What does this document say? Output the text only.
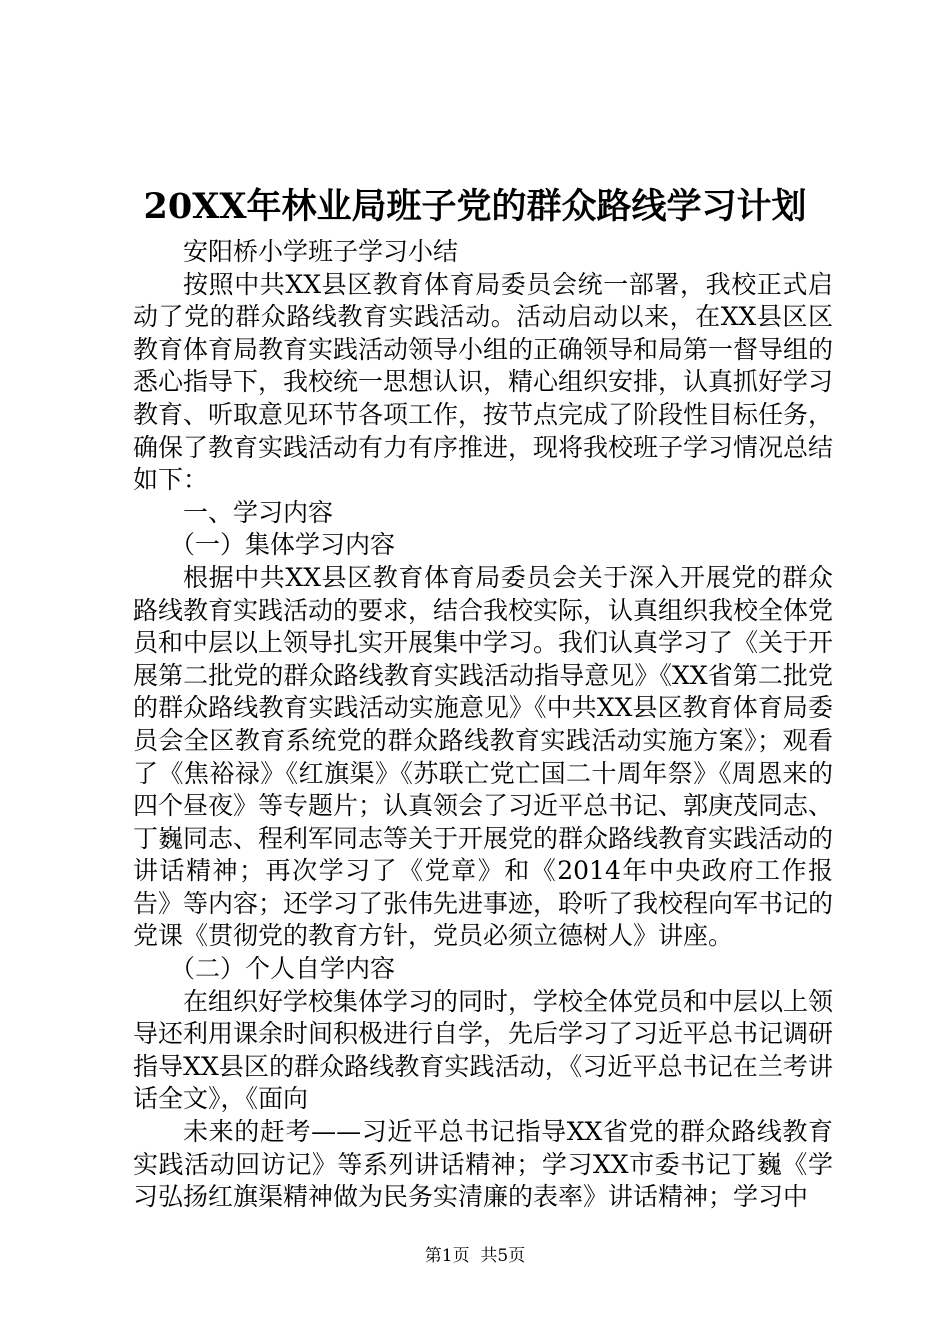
20XX年林业局班子党的群众路线学习计划

安阳桥小学班子学习小结

按照中共XX县区教育体育局委员会统一部署，我校正式启动了党的群众路线教育实践活动。活动启动以来，在XX县区区教育体育局教育实践活动领导小组的正确领导和局第一督导组的悉心指导下，我校统一思想认识，精心组织安排，认真抓好学习教育、听取意见环节各项工作，按节点完成了阶段性目标任务，确保了教育实践活动有力有序推进，现将我校班子学习情况总结如下：

一、学习内容

（一）集体学习内容

根据中共XX县区教育体育局委员会关于深入开展党的群众路线教育实践活动的要求，结合我校实际，认真组织我校全体党员和中层以上领导扎实开展集中学习。我们认真学习了《关于开展第二批党的群众路线教育实践活动指导意见》《XX省第二批党的群众路线教育实践活动实施意见》《中共XX县区教育体育局委员会全区教育系统党的群众路线教育实践活动实施方案》；观看了《焦裕禄》《红旗渠》《苏联亡党亡国二十周年祭》《周恩来的四个昼夜》等专题片；认真领会了习近平总书记、郭庚茂同志、丁巍同志、程利军同志等关于开展党的群众路线教育实践活动的讲话精神；再次学习了《党章》和《2014年中央政府工作报告》等内容；还学习了张伟先进事迹，聆听了我校程向军书记的党课《贯彻党的教育方针，党员必须立德树人》讲座。

（二）个人自学内容

在组织好学校集体学习的同时，学校全体党员和中层以上领导还利用课余时间积极进行自学，先后学习了习近平总书记调研指导XX县区的群众路线教育实践活动，《习近平总书记在兰考讲话全文》，《面向

未来的赶考——习近平总书记指导XX省党的群众路线教育实践活动回访记》等系列讲话精神；学习XX市委书记丁巍《学习弘扬红旗渠精神做为民务实清廉的表率》讲话精神；学习中

第1页 共5页
